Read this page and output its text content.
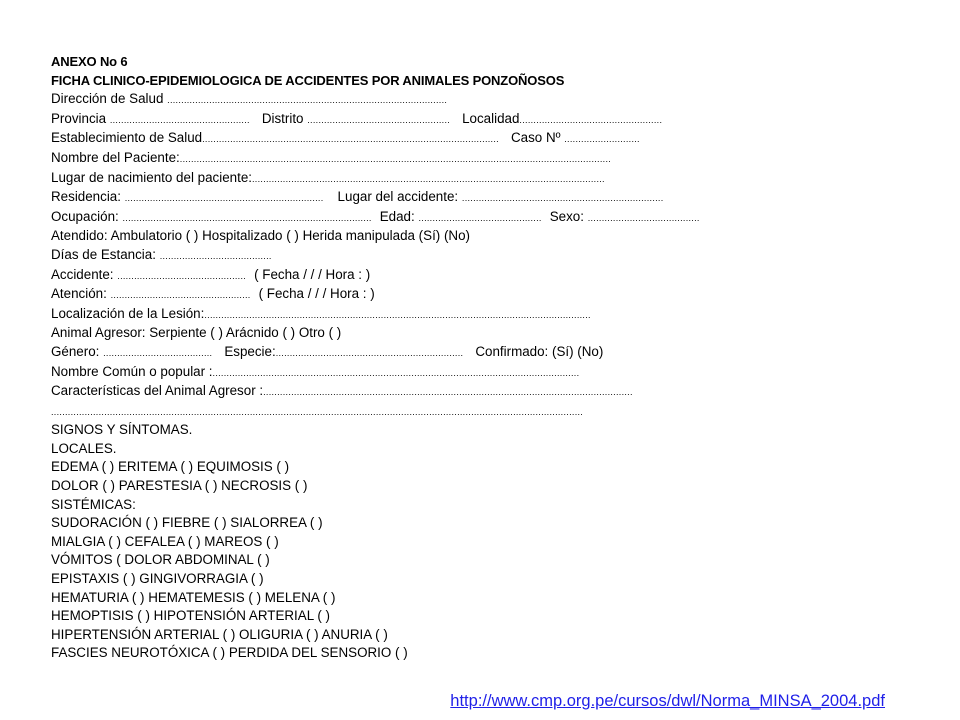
ANEXO No 6
FICHA CLINICO-EPIDEMIOLOGICA DE ACCIDENTES POR ANIMALES PONZOÑOSOS
Dirección de Salud ....................................................................................................
Provincia .................................................. Distrito ................................................... Localidad...................................................
Establecimiento de Salud.......................................................................................................... Caso Nº ...........................
Nombre del Paciente:..........................................................................................................................................................
Lugar de nacimiento del paciente:..............................................................................................................................
Residencia: ....................................................................... Lugar del accidente: ........................................................................
Ocupación: ......................................................................................... Edad: ............................................ Sexo: ........................................
Atendido: Ambulatorio ( ) Hospitalizado ( ) Herida manipulada (Sí) (No)
Días de Estancia: ........................................
Accidente: .............................................. ( Fecha / / / Hora : )
Atención: .................................................. ( Fecha / / / Hora : )
Localización de la Lesión:..........................................................................................................................................
Animal Agresor: Serpiente ( ) Arácnido ( ) Otro ( )
Género: ....................................... Especie:................................................................... Confirmado: (Sí) (No)
Nombre Común o popular :...................................................................................................................................
Características del Animal Agresor :....................................................................................................................................
..............................................................................................................................................................................................
SIGNOS Y SÍNTOMAS.
LOCALES.
EDEMA ( ) ERITEMA ( ) EQUIMOSIS ( )
DOLOR ( ) PARESTESIA ( ) NECROSIS ( )
SISTÉMICAS:
SUDORACIÓN ( ) FIEBRE ( ) SIALORREA ( )
MIALGIA ( ) CEFALEA ( ) MAREOS ( )
VÓMITOS ( DOLOR ABDOMINAL ( )
EPISTAXIS ( ) GINGIVORRAGIA ( )
HEMATURIA ( ) HEMATEMESIS ( ) MELENA ( )
HEMOPTISIS ( ) HIPOTENSIÓN ARTERIAL ( )
HIPERTENSIÓN ARTERIAL ( ) OLIGURIA ( ) ANURIA ( )
FASCIES NEUROTÓXICA ( ) PERDIDA DEL SENSORIO ( )
http://www.cmp.org.pe/cursos/dwl/Norma_MINSA_2004.pdf
